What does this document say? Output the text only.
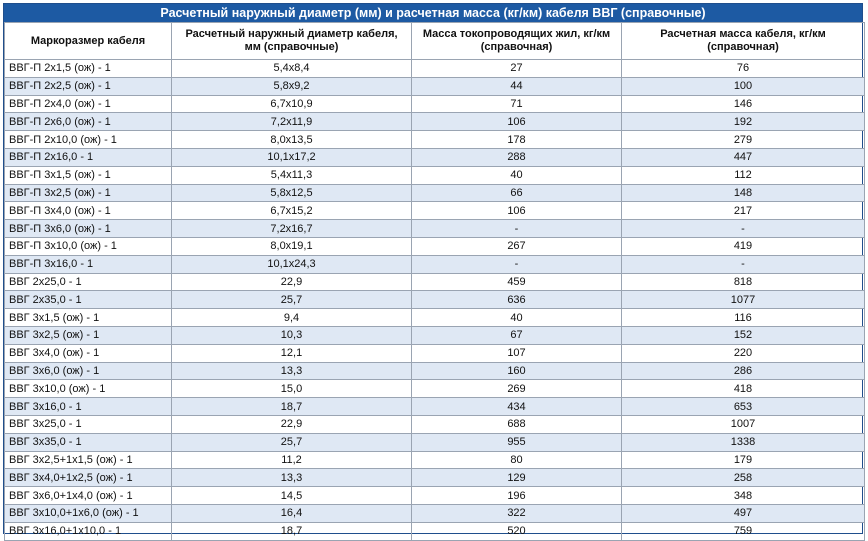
Расчетный наружный диаметр (мм) и расчетная масса (кг/км) кабеля ВВГ (справочные)
Маркоразмер кабеля	Расчетный наружный диаметр кабеля, мм (справочные)	Масса токопроводящих жил, кг/км (справочная)	Расчетная масса кабеля, кг/км (справочная)
ВВГ-П 2х1,5 (ож) - 1	5,4х8,4	27	76
ВВГ-П 2х2,5 (ож) - 1	5,8х9,2	44	100
ВВГ-П 2х4,0 (ож) - 1	6,7х10,9	71	146
ВВГ-П 2х6,0 (ож) - 1	7,2х11,9	106	192
ВВГ-П 2х10,0 (ож) - 1	8,0х13,5	178	279
ВВГ-П 2х16,0 - 1	10,1х17,2	288	447
ВВГ-П 3х1,5 (ож) - 1	5,4х11,3	40	112
ВВГ-П 3х2,5 (ож) - 1	5,8х12,5	66	148
ВВГ-П 3х4,0 (ож) - 1	6,7х15,2	106	217
ВВГ-П 3х6,0 (ож) - 1	7,2х16,7	-	-
ВВГ-П 3х10,0 (ож) - 1	8,0х19,1	267	419
ВВГ-П 3х16,0 - 1	10,1х24,3	-	-
ВВГ 2х25,0 - 1	22,9	459	818
ВВГ 2х35,0 - 1	25,7	636	1077
ВВГ 3х1,5 (ож) - 1	9,4	40	116
ВВГ 3х2,5 (ож) - 1	10,3	67	152
ВВГ 3х4,0 (ож) - 1	12,1	107	220
ВВГ 3х6,0 (ож) - 1	13,3	160	286
ВВГ 3х10,0 (ож) - 1	15,0	269	418
ВВГ 3х16,0 - 1	18,7	434	653
ВВГ 3х25,0 - 1	22,9	688	1007
ВВГ 3х35,0 - 1	25,7	955	1338
ВВГ 3х2,5+1х1,5 (ож) - 1	11,2	80	179
ВВГ 3х4,0+1х2,5 (ож) - 1	13,3	129	258
ВВГ 3х6,0+1х4,0 (ож) - 1	14,5	196	348
ВВГ 3х10,0+1х6,0 (ож) - 1	16,4	322	497
ВВГ 3х16,0+1х10,0 - 1	18,7	520	759
